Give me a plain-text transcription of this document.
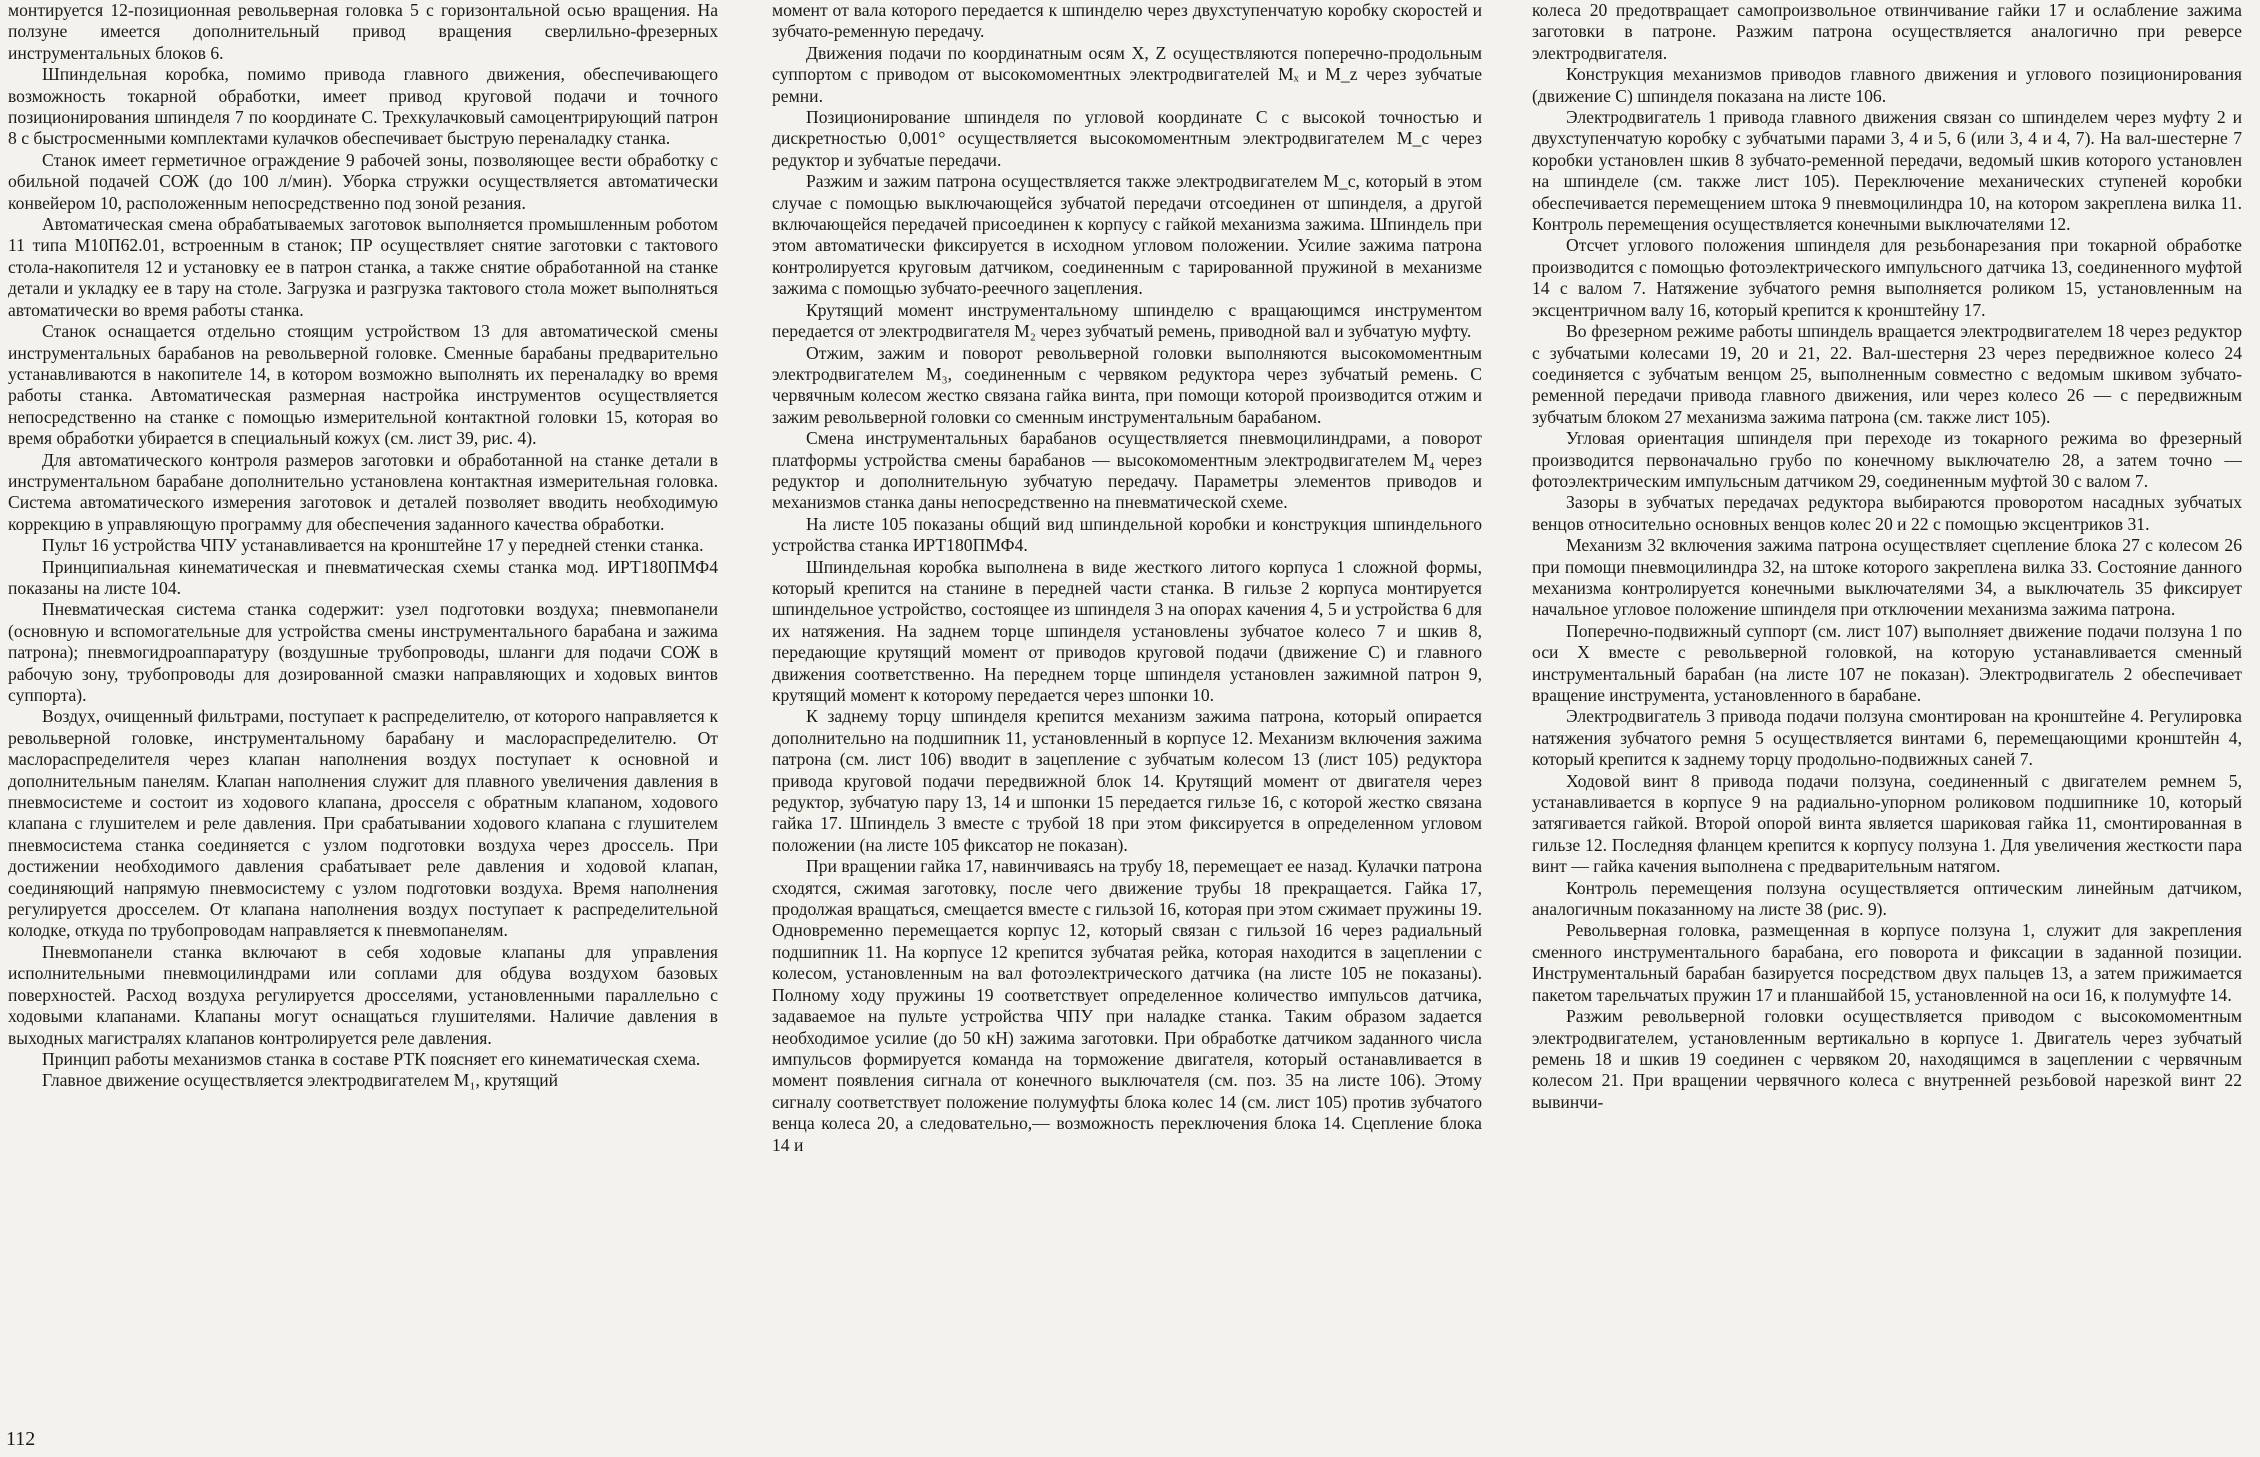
монтируется 12-позиционная револьверная головка 5 с горизонтальной осью вращения. На ползуне имеется дополнительный привод вращения сверлильно-фрезерных инструментальных блоков 6.

Шпиндельная коробка, помимо привода главного движения, обеспечивающего возможность токарной обработки, имеет привод круговой подачи и точного позиционирования шпинделя 7 по координате C. Трехкулачковый самоцентрирующий патрон 8 с быстросменными комплектами кулачков обеспечивает быструю переналадку станка.

Станок имеет герметичное ограждение 9 рабочей зоны, позволяющее вести обработку с обильной подачей СОЖ (до 100 л/мин). Уборка стружки осуществляется автоматически конвейером 10, расположенным непосредственно под зоной резания.

Автоматическая смена обрабатываемых заготовок выполняется промышленным роботом 11 типа М10П62.01, встроенным в станок; ПР осуществляет снятие заготовки с тактового стола-накопителя 12 и установку ее в патрон станка, а также снятие обработанной на станке детали и укладку ее в тару на столе. Загрузка и разгрузка тактового стола может выполняться автоматически во время работы станка.

Станок оснащается отдельно стоящим устройством 13 для автоматической смены инструментальных барабанов на револьверной головке. Сменные барабаны предварительно устанавливаются в накопителе 14, в котором возможно выполнять их переналадку во время работы станка. Автоматическая размерная настройка инструментов осуществляется непосредственно на станке с помощью измерительной контактной головки 15, которая во время обработки убирается в специальный кожух (см. лист 39, рис. 4).

Для автоматического контроля размеров заготовки и обработанной на станке детали в инструментальном барабане дополнительно установлена контактная измерительная головка. Система автоматического измерения заготовок и деталей позволяет вводить необходимую коррекцию в управляющую программу для обеспечения заданного качества обработки.

Пульт 16 устройства ЧПУ устанавливается на кронштейне 17 у передней стенки станка.

Принципиальная кинематическая и пневматическая схемы станка мод. ИРТ180ПМФ4 показаны на листе 104.

Пневматическая система станка содержит: узел подготовки воздуха; пневмопанели (основную и вспомогательные для устройства смены инструментального барабана и зажима патрона); пневмогидроаппаратуру (воздушные трубопроводы, шланги для подачи СОЖ в рабочую зону, трубопроводы для дозированной смазки направляющих и ходовых винтов суппорта).

Воздух, очищенный фильтрами, поступает к распределителю, от которого направляется к револьверной головке, инструментальному барабану и маслораспределителю. От маслораспределителя через клапан наполнения воздух поступает к основной и дополнительным панелям. Клапан наполнения служит для плавного увеличения давления в пневмосистеме и состоит из ходового клапана, дросселя с обратным клапаном, ходового клапана с глушителем и реле давления. При срабатывании ходового клапана с глушителем пневмосистема станка соединяется с узлом подготовки воздуха через дроссель. При достижении необходимого давления срабатывает реле давления и ходовой клапан, соединяющий напрямую пневмосистему с узлом подготовки воздуха. Время наполнения регулируется дросселем. От клапана наполнения воздух поступает к распределительной колодке, откуда по трубопроводам направляется к пневмопанелям.

Пневмопанели станка включают в себя ходовые клапаны для управления исполнительными пневмоцилиндрами или соплами для обдува воздухом базовых поверхностей. Расход воздуха регулируется дросселями, установленными параллельно с ходовыми клапанами. Клапаны могут оснащаться глушителями. Наличие давления в выходных магистралях клапанов контролируется реле давления.

Принцип работы механизмов станка в составе РТК поясняет его кинематическая схема.

Главное движение осуществляется электродвигателем M₁, крутящий

момент от вала которого передается к шпинделю через двухступенчатую коробку скоростей и зубчато-ременную передачу.

Движения подачи по координатным осям X, Z осуществляются поперечно-продольным суппортом с приводом от высокомоментных электродвигателей Mₓ и M_z через зубчатые ремни.

Позиционирование шпинделя по угловой координате C с высокой точностью и дискретностью 0,001° осуществляется высокомоментным электродвигателем M_c через редуктор и зубчатые передачи.

Разжим и зажим патрона осуществляется также электродвигателем M_c, который в этом случае с помощью выключающейся зубчатой передачи отсоединен от шпинделя, а другой включающейся передачей присоединен к корпусу с гайкой механизма зажима. Шпиндель при этом автоматически фиксируется в исходном угловом положении. Усилие зажима патрона контролируется круговым датчиком, соединенным с тарированной пружиной в механизме зажима с помощью зубчато-реечного зацепления.

Крутящий момент инструментальному шпинделю с вращающимся инструментом передается от электродвигателя M₂ через зубчатый ремень, приводной вал и зубчатую муфту.

Отжим, зажим и поворот револьверной головки выполняются высокомоментным электродвигателем M₃, соединенным с червяком редуктора через зубчатый ремень. С червячным колесом жестко связана гайка винта, при помощи которой производится отжим и зажим револьверной головки со сменным инструментальным барабаном.

Смена инструментальных барабанов осуществляется пневмоцилиндрами, а поворот платформы устройства смены барабанов — высокомоментным электродвигателем M₄ через редуктор и дополнительную зубчатую передачу. Параметры элементов приводов и механизмов станка даны непосредственно на пневматической схеме.

На листе 105 показаны общий вид шпиндельной коробки и конструкция шпиндельного устройства станка ИРТ180ПМФ4.

Шпиндельная коробка выполнена в виде жесткого литого корпуса 1 сложной формы, который крепится на станине в передней части станка. В гильзе 2 корпуса монтируется шпиндельное устройство, состоящее из шпинделя 3 на опорах качения 4, 5 и устройства 6 для их натяжения. На заднем торце шпинделя установлены зубчатое колесо 7 и шкив 8, передающие крутящий момент от приводов круговой подачи (движение C) и главного движения соответственно. На переднем торце шпинделя установлен зажимной патрон 9, крутящий момент к которому передается через шпонки 10.

К заднему торцу шпинделя крепится механизм зажима патрона, который опирается дополнительно на подшипник 11, установленный в корпусе 12. Механизм включения зажима патрона (см. лист 106) вводит в зацепление с зубчатым колесом 13 (лист 105) редуктора привода круговой подачи передвижной блок 14. Крутящий момент от двигателя через редуктор, зубчатую пару 13, 14 и шпонки 15 передается гильзе 16, с которой жестко связана гайка 17. Шпиндель 3 вместе с трубой 18 при этом фиксируется в определенном угловом положении (на листе 105 фиксатор не показан).

При вращении гайка 17, навинчиваясь на трубу 18, перемещает ее назад. Кулачки патрона сходятся, сжимая заготовку, после чего движение трубы 18 прекращается. Гайка 17, продолжая вращаться, смещается вместе с гильзой 16, которая при этом сжимает пружины 19. Одновременно перемещается корпус 12, который связан с гильзой 16 через радиальный подшипник 11. На корпусе 12 крепится зубчатая рейка, которая находится в зацеплении с колесом, установленным на вал фотоэлектрического датчика (на листе 105 не показаны). Полному ходу пружины 19 соответствует определенное количество импульсов датчика, задаваемое на пульте устройства ЧПУ при наладке станка. Таким образом задается необходимое усилие (до 50 кН) зажима заготовки. При обработке датчиком заданного числа импульсов формируется команда на торможение двигателя, который останавливается в момент появления сигнала от конечного выключателя (см. поз. 35 на листе 106). Этому сигналу соответствует положение полумуфты блока колес 14 (см. лист 105) против зубчатого венца колеса 20, а следовательно,— возможность переключения блока 14. Сцепление блока 14 и

колеса 20 предотвращает самопроизвольное отвинчивание гайки 17 и ослабление зажима заготовки в патроне. Разжим патрона осуществляется аналогично при реверсе электродвигателя.

Конструкция механизмов приводов главного движения и углового позиционирования (движение C) шпинделя показана на листе 106.

Электродвигатель 1 привода главного движения связан со шпинделем через муфту 2 и двухступенчатую коробку с зубчатыми парами 3, 4 и 5, 6 (или 3, 4 и 4, 7). На вал-шестерне 7 коробки установлен шкив 8 зубчато-ременной передачи, ведомый шкив которого установлен на шпинделе (см. также лист 105). Переключение механических ступеней коробки обеспечивается перемещением штока 9 пневмоцилиндра 10, на котором закреплена вилка 11. Контроль перемещения осуществляется конечными выключателями 12.

Отсчет углового положения шпинделя для резьбонарезания при токарной обработке производится с помощью фотоэлектрического импульсного датчика 13, соединенного муфтой 14 с валом 7. Натяжение зубчатого ремня выполняется роликом 15, установленным на эксцентричном валу 16, который крепится к кронштейну 17.

Во фрезерном режиме работы шпиндель вращается электродвигателем 18 через редуктор с зубчатыми колесами 19, 20 и 21, 22. Вал-шестерня 23 через передвижное колесо 24 соединяется с зубчатым венцом 25, выполненным совместно с ведомым шкивом зубчато-ременной передачи привода главного движения, или через колесо 26 — с передвижным зубчатым блоком 27 механизма зажима патрона (см. также лист 105).

Угловая ориентация шпинделя при переходе из токарного режима во фрезерный производится первоначально грубо по конечному выключателю 28, а затем точно — фотоэлектрическим импульсным датчиком 29, соединенным муфтой 30 с валом 7.

Зазоры в зубчатых передачах редуктора выбираются проворотом насадных зубчатых венцов относительно основных венцов колес 20 и 22 с помощью эксцентриков 31.

Механизм 32 включения зажима патрона осуществляет сцепление блока 27 с колесом 26 при помощи пневмоцилиндра 32, на штоке которого закреплена вилка 33. Состояние данного механизма контролируется конечными выключателями 34, а выключатель 35 фиксирует начальное угловое положение шпинделя при отключении механизма зажима патрона.

Поперечно-подвижный суппорт (см. лист 107) выполняет движение подачи ползуна 1 по оси X вместе с револьверной головкой, на которую устанавливается сменный инструментальный барабан (на листе 107 не показан). Электродвигатель 2 обеспечивает вращение инструмента, установленного в барабане.

Электродвигатель 3 привода подачи ползуна смонтирован на кронштейне 4. Регулировка натяжения зубчатого ремня 5 осуществляется винтами 6, перемещающими кронштейн 4, который крепится к заднему торцу продольно-подвижных саней 7.

Ходовой винт 8 привода подачи ползуна, соединенный с двигателем ремнем 5, устанавливается в корпусе 9 на радиально-упорном роликовом подшипнике 10, который затягивается гайкой. Второй опорой винта является шариковая гайка 11, смонтированная в гильзе 12. Последняя фланцем крепится к корпусу ползуна 1. Для увеличения жесткости пара винт — гайка качения выполнена с предварительным натягом.

Контроль перемещения ползуна осуществляется оптическим линейным датчиком, аналогичным показанному на листе 38 (рис. 9).

Револьверная головка, размещенная в корпусе ползуна 1, служит для закрепления сменного инструментального барабана, его поворота и фиксации в заданной позиции. Инструментальный барабан базируется посредством двух пальцев 13, а затем прижимается пакетом тарельчатых пружин 17 и планшайбой 15, установленной на оси 16, к полумуфте 14.

Разжим револьверной головки осуществляется приводом с высокомоментным электродвигателем, установленным вертикально в корпусе 1. Двигатель через зубчатый ремень 18 и шкив 19 соединен с червяком 20, находящимся в зацеплении с червячным колесом 21. При вращении червячного колеса с внутренней резьбовой нарезкой винт 22 вывинчи-

112
